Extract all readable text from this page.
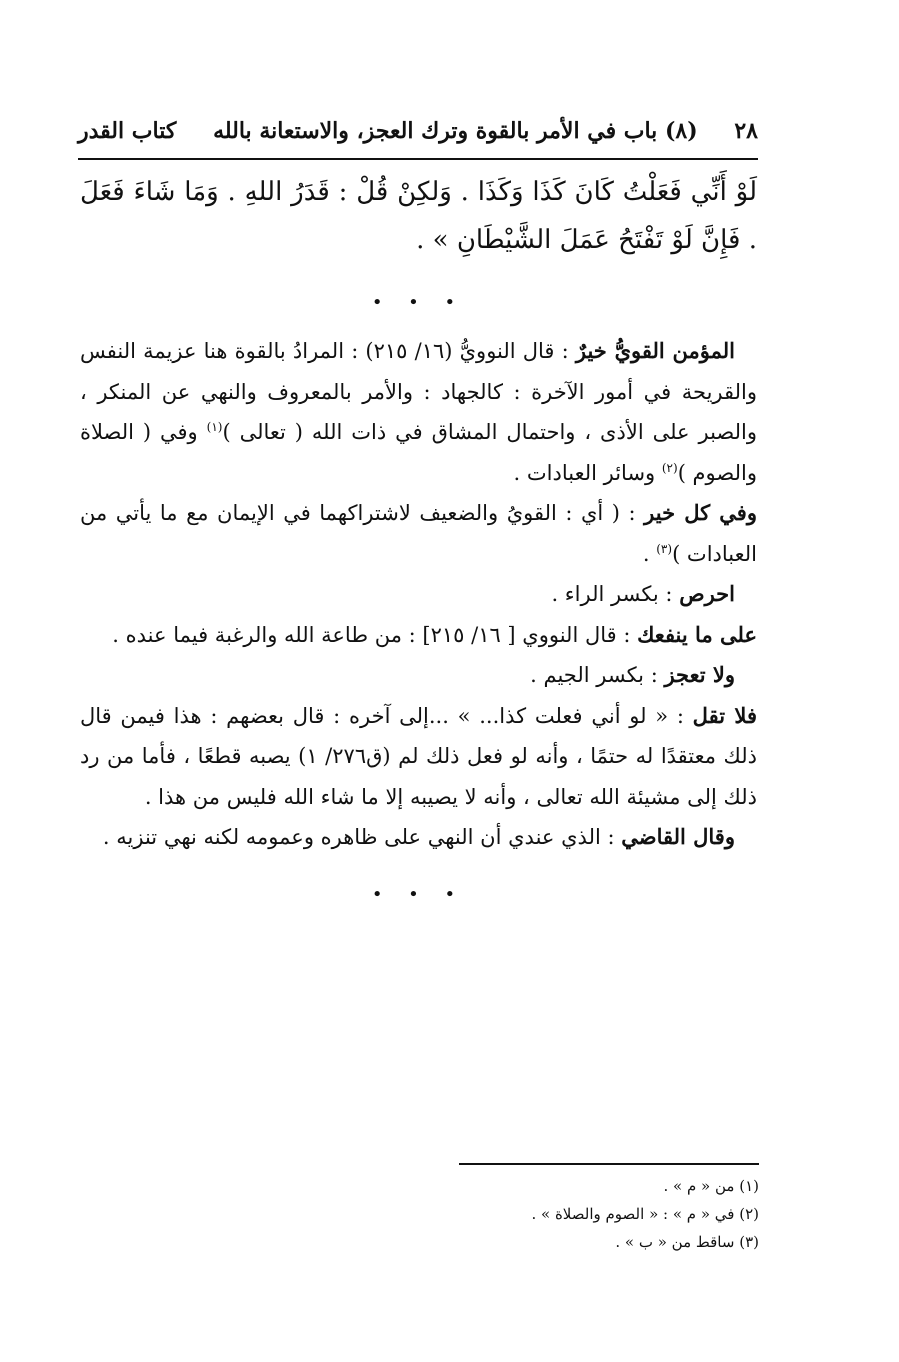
٢٨
(٨) باب في الأمر بالقوة وترك العجز، والاستعانة بالله
كتاب القدر

لَوْ أَنِّي فَعَلْتُ كَانَ كَذَا وَكَذَا . وَلكِنْ قُلْ : قَدَرُ اللهِ . وَمَا شَاءَ فَعَلَ . فَإِنَّ لَوْ تَفْتَحُ عَمَلَ الشَّيْطَانِ » .

• • •

المؤمن القويُّ خيرٌ : قال النوويُّ (١٦/ ٢١٥) : المرادُ بالقوة هنا عزيمة النفس والقريحة في أمور الآخرة : كالجهاد : والأمر بالمعروف والنهي عن المنكر ، والصبر على الأذى ، واحتمال المشاق في ذات الله ( تعالى )$^{(١)}$ وفي ( الصلاة والصوم )$^{(٢)}$ وسائر العبادات .

وفي كل خير : ( أي : القويُ والضعيف لاشتراكهما في الإيمان مع ما يأتي من العبادات )$^{(٣)}$ .

احرص : بكسر الراء .

على ما ينفعك : قال النووي [ ١٦/ ٢١٥] : من طاعة الله والرغبة فيما عنده .

ولا تعجز : بكسر الجيم .

فلا تقل : « لو أني فعلت كذا... » ...إلى آخره : قال بعضهم : هذا فيمن قال ذلك معتقدًا له حتمًا ، وأنه لو فعل ذلك لم (ق٢٧٦/ ١) يصبه قطعًا ، فأما من رد ذلك إلى مشيئة الله تعالى ، وأنه لا يصيبه إلا ما شاء الله فليس من هذا .

وقال القاضي : الذي عندي أن النهي على ظاهره وعمومه لكنه نهي تنزيه .

• • •

(١) من « م » .
(٢) في « م » : « الصوم والصلاة » .
(٣) ساقط من « ب » .
